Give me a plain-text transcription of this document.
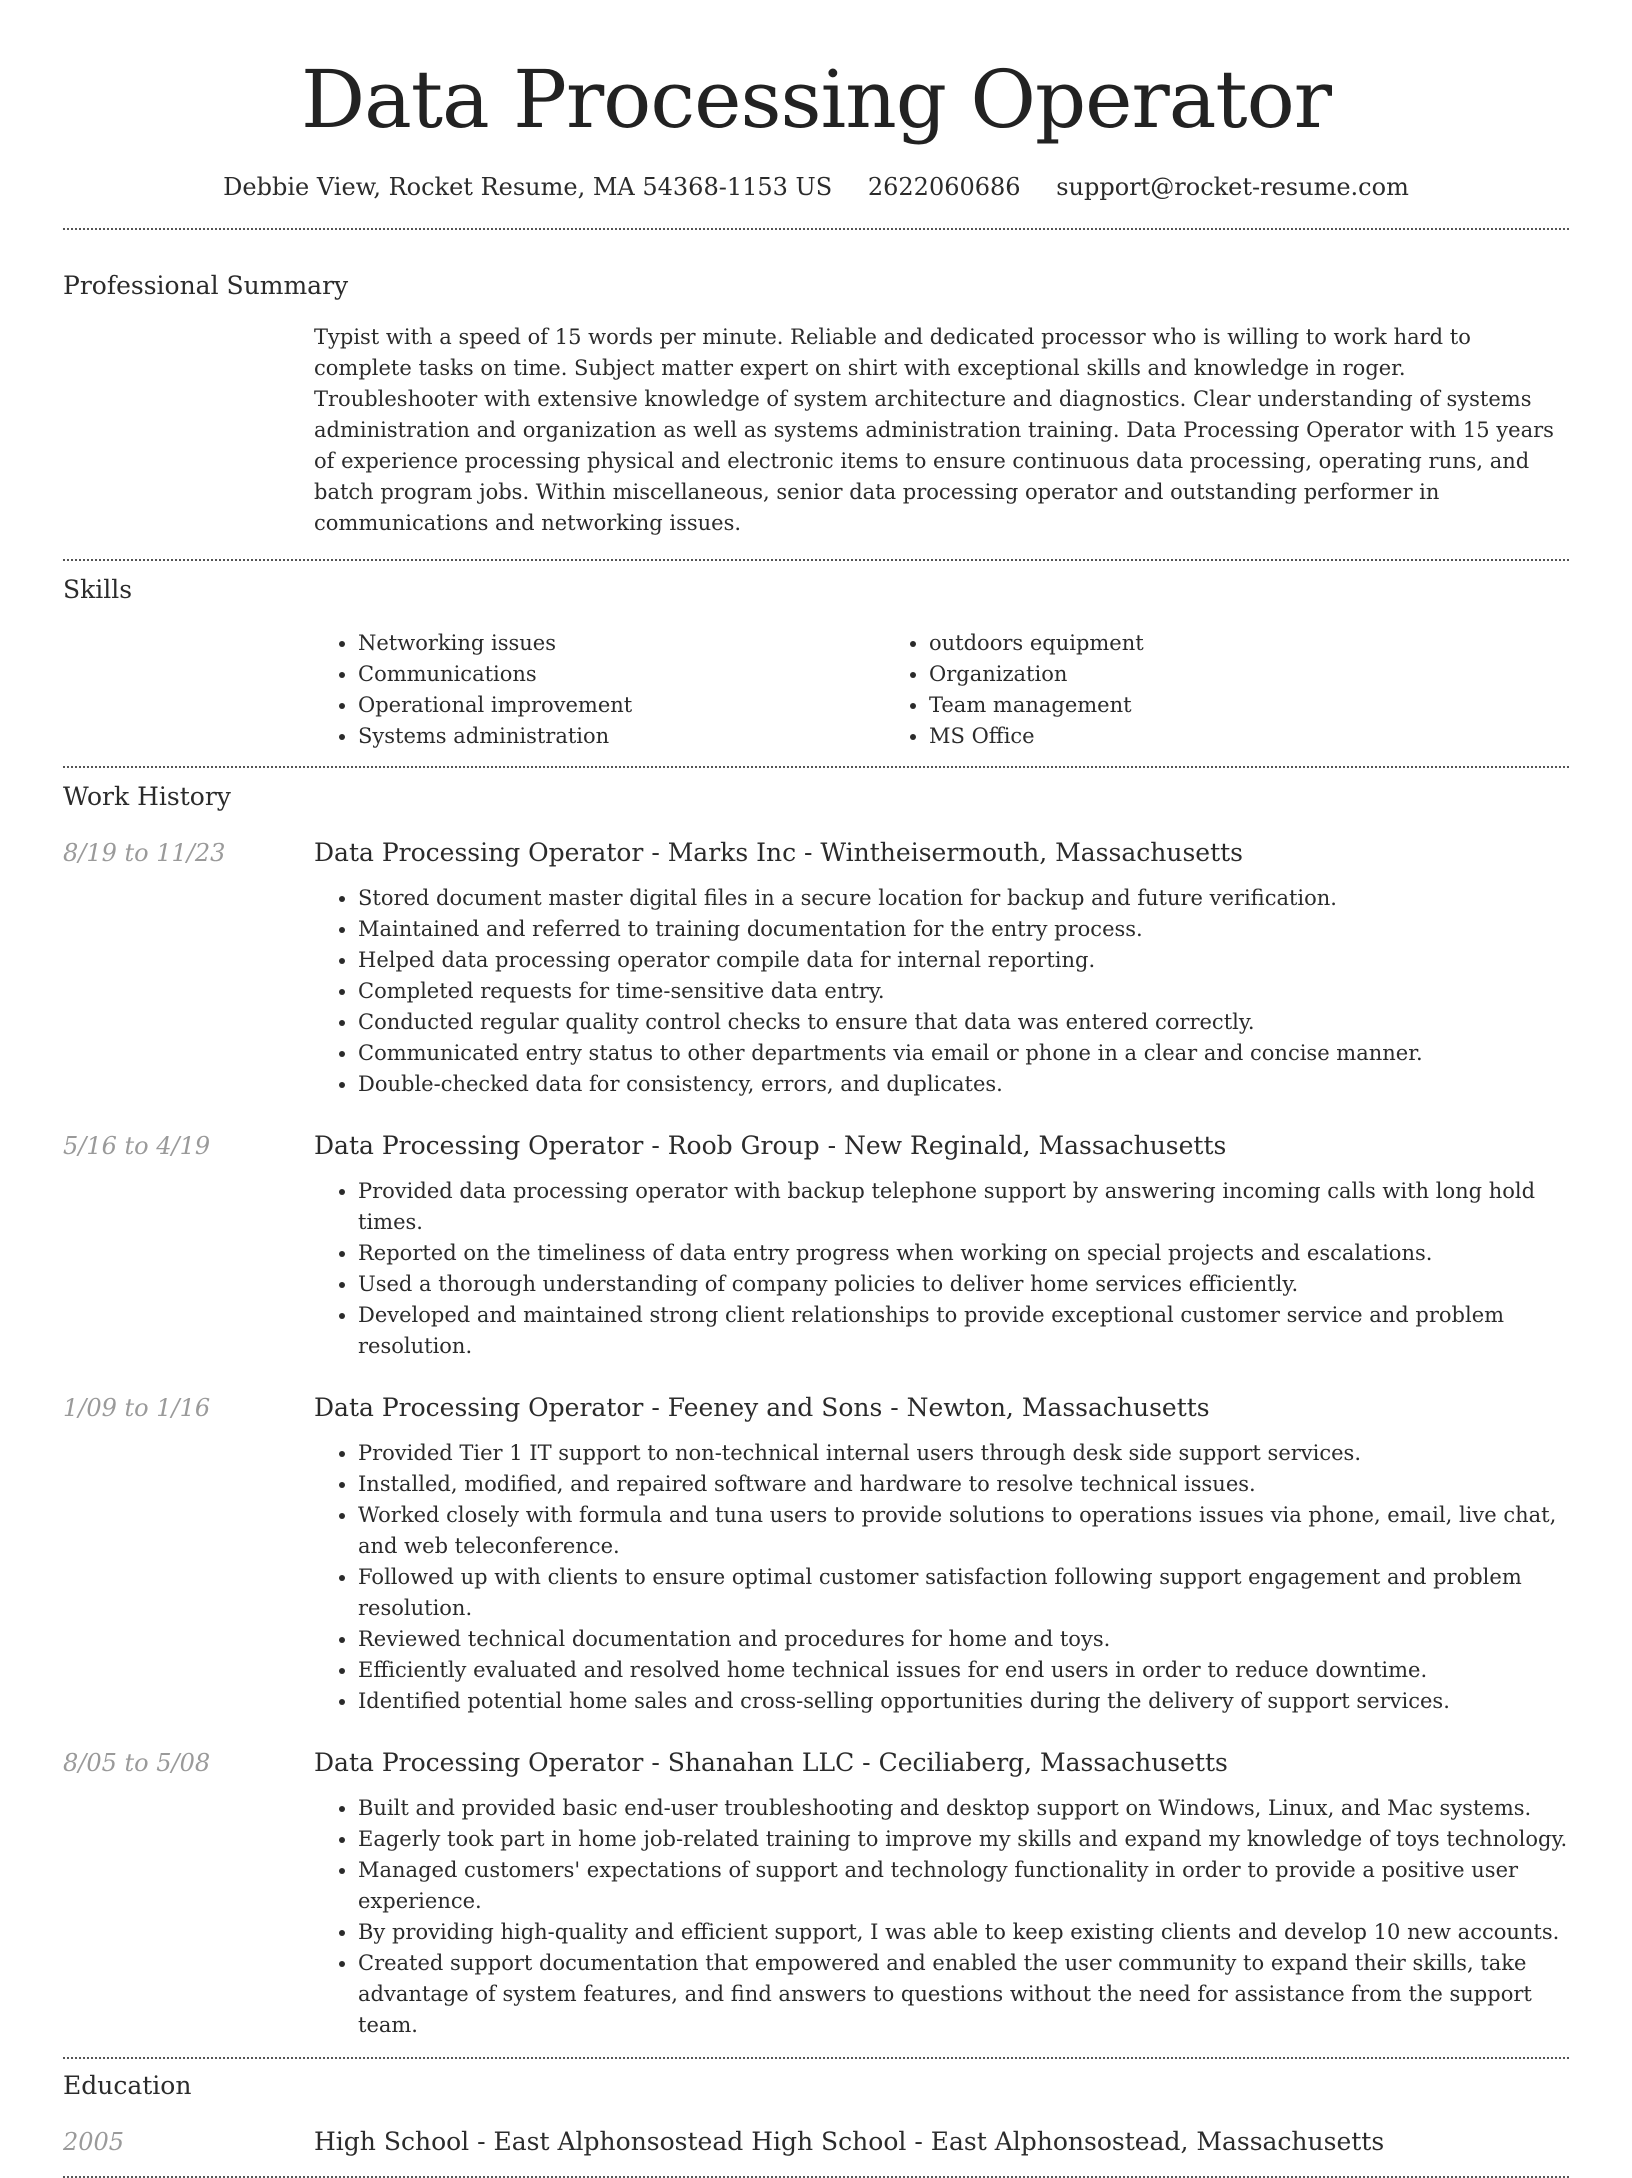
Data Processing Operator
Debbie View, Rocket Resume, MA 54368-1153 US 2622060686 support@rocket-resume.com
Professional Summary

Typist with a speed of 15 words per minute. Reliable and dedicated processor who is willing to work hard to complete tasks on time. Subject matter expert on shirt with exceptional skills and knowledge in roger. Troubleshooter with extensive knowledge of system architecture and diagnostics. Clear understanding of systems administration and organization as well as systems administration training. Data Processing Operator with 15 years of experience processing physical and electronic items to ensure continuous data processing, operating runs, and batch program jobs. Within miscellaneous, senior data processing operator and outstanding performer in communications and networking issues.

Skills
• Networking issues
• Communications
• Operational improvement
• Systems administration
• outdoors equipment
• Organization
• Team management
• MS Office
Work History
8/19 to 11/23	Data Processing Operator - Marks Inc - Wintheisermouth, Massachusetts
• Stored document master digital files in a secure location for backup and future verification.
• Maintained and referred to training documentation for the entry process.
• Helped data processing operator compile data for internal reporting.
• Completed requests for time-sensitive data entry.
• Conducted regular quality control checks to ensure that data was entered correctly.
• Communicated entry status to other departments via email or phone in a clear and concise manner.
• Double-checked data for consistency, errors, and duplicates.
5/16 to 4/19	Data Processing Operator - Roob Group - New Reginald, Massachusetts
• Provided data processing operator with backup telephone support by answering incoming calls with long hold times.
• Reported on the timeliness of data entry progress when working on special projects and escalations.
• Used a thorough understanding of company policies to deliver home services efficiently.
• Developed and maintained strong client relationships to provide exceptional customer service and problem resolution.
1/09 to 1/16	Data Processing Operator - Feeney and Sons - Newton, Massachusetts
• Provided Tier 1 IT support to non-technical internal users through desk side support services.
• Installed, modified, and repaired software and hardware to resolve technical issues.
• Worked closely with formula and tuna users to provide solutions to operations issues via phone, email, live chat, and web teleconference.
• Followed up with clients to ensure optimal customer satisfaction following support engagement and problem resolution.
• Reviewed technical documentation and procedures for home and toys.
• Efficiently evaluated and resolved home technical issues for end users in order to reduce downtime.
• Identified potential home sales and cross-selling opportunities during the delivery of support services.
8/05 to 5/08	Data Processing Operator - Shanahan LLC - Ceciliaberg, Massachusetts
• Built and provided basic end-user troubleshooting and desktop support on Windows, Linux, and Mac systems.
• Eagerly took part in home job-related training to improve my skills and expand my knowledge of toys technology.
• Managed customers' expectations of support and technology functionality in order to provide a positive user experience.
• By providing high-quality and efficient support, I was able to keep existing clients and develop 10 new accounts.
• Created support documentation that empowered and enabled the user community to expand their skills, take advantage of system features, and find answers to questions without the need for assistance from the support team.
Education
2005	High School - East Alphonsostead High School - East Alphonsostead, Massachusetts
